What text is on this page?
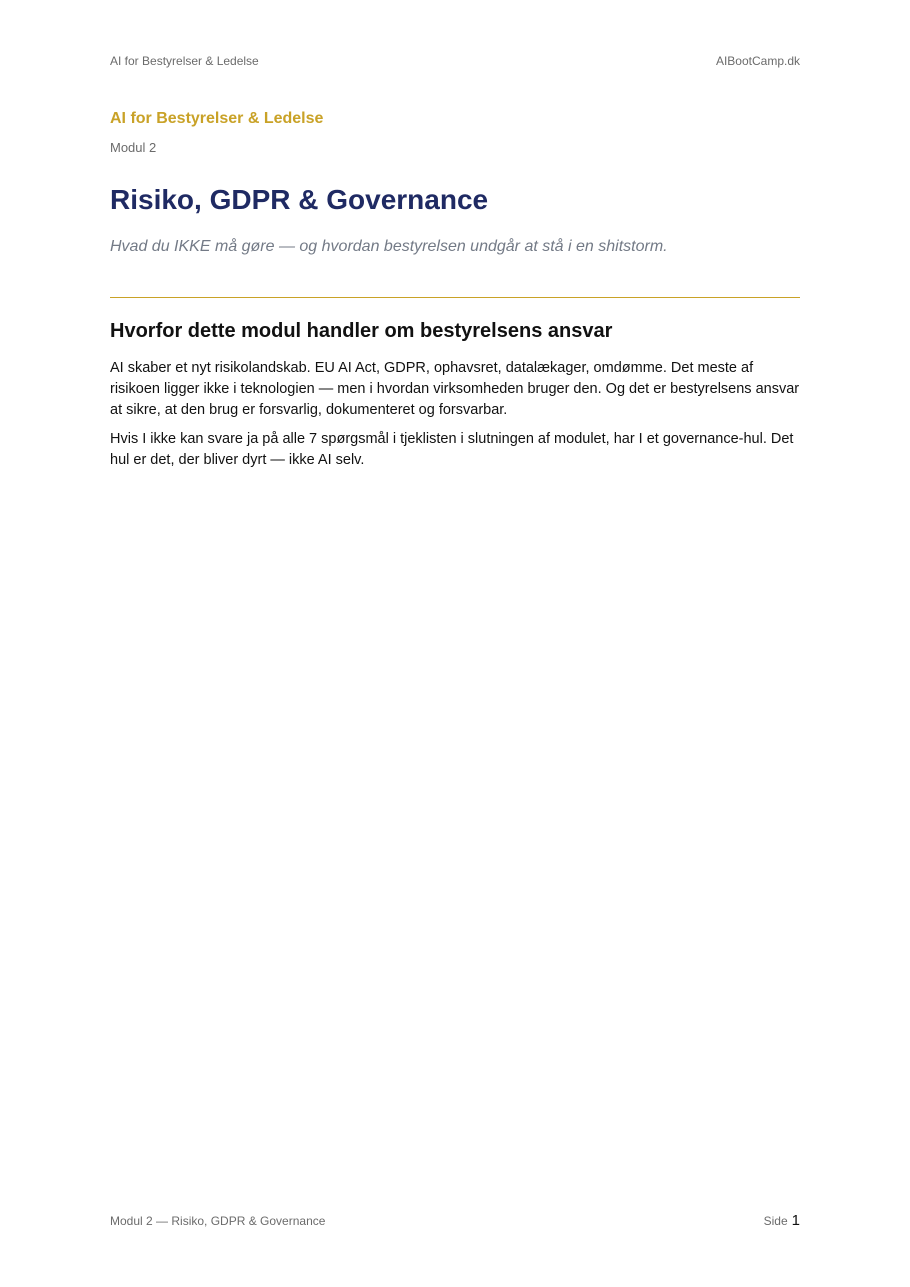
AI for Bestyrelser & Ledelse	AIBootCamp.dk
AI for Bestyrelser & Ledelse
Modul 2
Risiko, GDPR & Governance
Hvad du IKKE må gøre — og hvordan bestyrelsen undgår at stå i en shitstorm.
Hvorfor dette modul handler om bestyrelsens ansvar

AI skaber et nyt risikolandskab. EU AI Act, GDPR, ophavsret, datalækager, omdømme. Det meste af risikoen ligger ikke i teknologien — men i hvordan virksomheden bruger den. Og det er bestyrelsens ansvar at sikre, at den brug er forsvarlig, dokumenteret og forsvarbar.

Hvis I ikke kan svare ja på alle 7 spørgsmål i tjeklisten i slutningen af modulet, har I et governance-hul. Det hul er det, der bliver dyrt — ikke AI selv.

Modul 2 — Risiko, GDPR & Governance	Side 1
